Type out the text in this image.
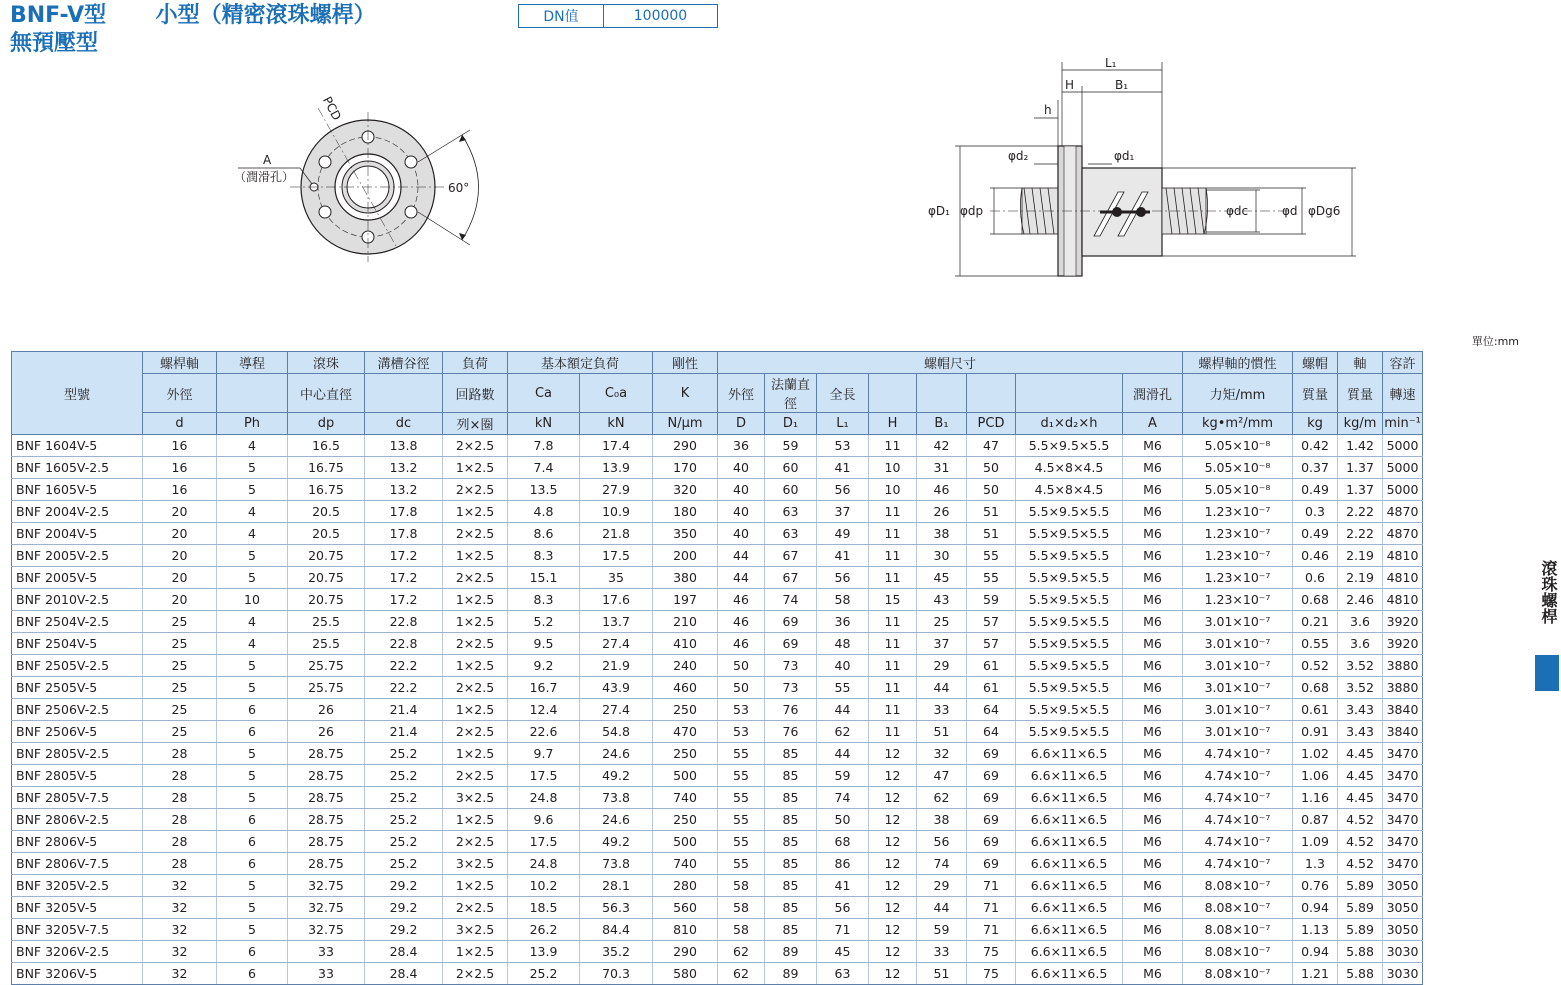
BNF-V型 小型（精密滾珠螺桿）
無預壓型
DN值	100000
PCD
A
（潤滑孔）
60°
L₁
H	B₁
h
φd₂	φd₁
φD₁ φdp	φdc	φd φDg6
單位:mm
滾珠螺桿
型號	螺桿軸	導程	滾珠	溝槽谷徑	負荷	基本額定負荷		剛性	螺帽尺寸								螺桿軸的慣性	螺帽	軸	容許
	外徑		中心直徑		回路數	Ca	C₀a	K	外徑	法蘭直徑	全長					潤滑孔	力矩/mm	質量	質量	轉速
	d	Ph	dp	dc	列×圈	kN	kN	N/μm	D	D₁	L₁	H	B₁	PCD	d₁×d₂×h	A	kg•m²/mm	kg	kg/m	min⁻¹
BNF 1604V-5	16	4	16.5	13.8	2×2.5	7.8	17.4	290	36	59	53	11	42	47	5.5×9.5×5.5	M6	5.05×10⁻⁸	0.42	1.42	5000
BNF 1605V-2.5	16	5	16.75	13.2	1×2.5	7.4	13.9	170	40	60	41	10	31	50	4.5×8×4.5	M6	5.05×10⁻⁸	0.37	1.37	5000
BNF 1605V-5	16	5	16.75	13.2	2×2.5	13.5	27.9	320	40	60	56	10	46	50	4.5×8×4.5	M6	5.05×10⁻⁸	0.49	1.37	5000
BNF 2004V-2.5	20	4	20.5	17.8	1×2.5	4.8	10.9	180	40	63	37	11	26	51	5.5×9.5×5.5	M6	1.23×10⁻⁷	0.3	2.22	4870
BNF 2004V-5	20	4	20.5	17.8	2×2.5	8.6	21.8	350	40	63	49	11	38	51	5.5×9.5×5.5	M6	1.23×10⁻⁷	0.49	2.22	4870
BNF 2005V-2.5	20	5	20.75	17.2	1×2.5	8.3	17.5	200	44	67	41	11	30	55	5.5×9.5×5.5	M6	1.23×10⁻⁷	0.46	2.19	4810
BNF 2005V-5	20	5	20.75	17.2	2×2.5	15.1	35	380	44	67	56	11	45	55	5.5×9.5×5.5	M6	1.23×10⁻⁷	0.6	2.19	4810
BNF 2010V-2.5	20	10	20.75	17.2	1×2.5	8.3	17.6	197	46	74	58	15	43	59	5.5×9.5×5.5	M6	1.23×10⁻⁷	0.68	2.46	4810
BNF 2504V-2.5	25	4	25.5	22.8	1×2.5	5.2	13.7	210	46	69	36	11	25	57	5.5×9.5×5.5	M6	3.01×10⁻⁷	0.21	3.6	3920
BNF 2504V-5	25	4	25.5	22.8	2×2.5	9.5	27.4	410	46	69	48	11	37	57	5.5×9.5×5.5	M6	3.01×10⁻⁷	0.55	3.6	3920
BNF 2505V-2.5	25	5	25.75	22.2	1×2.5	9.2	21.9	240	50	73	40	11	29	61	5.5×9.5×5.5	M6	3.01×10⁻⁷	0.52	3.52	3880
BNF 2505V-5	25	5	25.75	22.2	2×2.5	16.7	43.9	460	50	73	55	11	44	61	5.5×9.5×5.5	M6	3.01×10⁻⁷	0.68	3.52	3880
BNF 2506V-2.5	25	6	26	21.4	1×2.5	12.4	27.4	250	53	76	44	11	33	64	5.5×9.5×5.5	M6	3.01×10⁻⁷	0.61	3.43	3840
BNF 2506V-5	25	6	26	21.4	2×2.5	22.6	54.8	470	53	76	62	11	51	64	5.5×9.5×5.5	M6	3.01×10⁻⁷	0.91	3.43	3840
BNF 2805V-2.5	28	5	28.75	25.2	1×2.5	9.7	24.6	250	55	85	44	12	32	69	6.6×11×6.5	M6	4.74×10⁻⁷	1.02	4.45	3470
BNF 2805V-5	28	5	28.75	25.2	2×2.5	17.5	49.2	500	55	85	59	12	47	69	6.6×11×6.5	M6	4.74×10⁻⁷	1.06	4.45	3470
BNF 2805V-7.5	28	5	28.75	25.2	3×2.5	24.8	73.8	740	55	85	74	12	62	69	6.6×11×6.5	M6	4.74×10⁻⁷	1.16	4.45	3470
BNF 2806V-2.5	28	6	28.75	25.2	1×2.5	9.6	24.6	250	55	85	50	12	38	69	6.6×11×6.5	M6	4.74×10⁻⁷	0.87	4.52	3470
BNF 2806V-5	28	6	28.75	25.2	2×2.5	17.5	49.2	500	55	85	68	12	56	69	6.6×11×6.5	M6	4.74×10⁻⁷	1.09	4.52	3470
BNF 2806V-7.5	28	6	28.75	25.2	3×2.5	24.8	73.8	740	55	85	86	12	74	69	6.6×11×6.5	M6	4.74×10⁻⁷	1.3	4.52	3470
BNF 3205V-2.5	32	5	32.75	29.2	1×2.5	10.2	28.1	280	58	85	41	12	29	71	6.6×11×6.5	M6	8.08×10⁻⁷	0.76	5.89	3050
BNF 3205V-5	32	5	32.75	29.2	2×2.5	18.5	56.3	560	58	85	56	12	44	71	6.6×11×6.5	M6	8.08×10⁻⁷	0.94	5.89	3050
BNF 3205V-7.5	32	5	32.75	29.2	3×2.5	26.2	84.4	810	58	85	71	12	59	71	6.6×11×6.5	M6	8.08×10⁻⁷	1.13	5.89	3050
BNF 3206V-2.5	32	6	33	28.4	1×2.5	13.9	35.2	290	62	89	45	12	33	75	6.6×11×6.5	M6	8.08×10⁻⁷	0.94	5.88	3030
BNF 3206V-5	32	6	33	28.4	2×2.5	25.2	70.3	580	62	89	63	12	51	75	6.6×11×6.5	M6	8.08×10⁻⁷	1.21	5.88	3030
